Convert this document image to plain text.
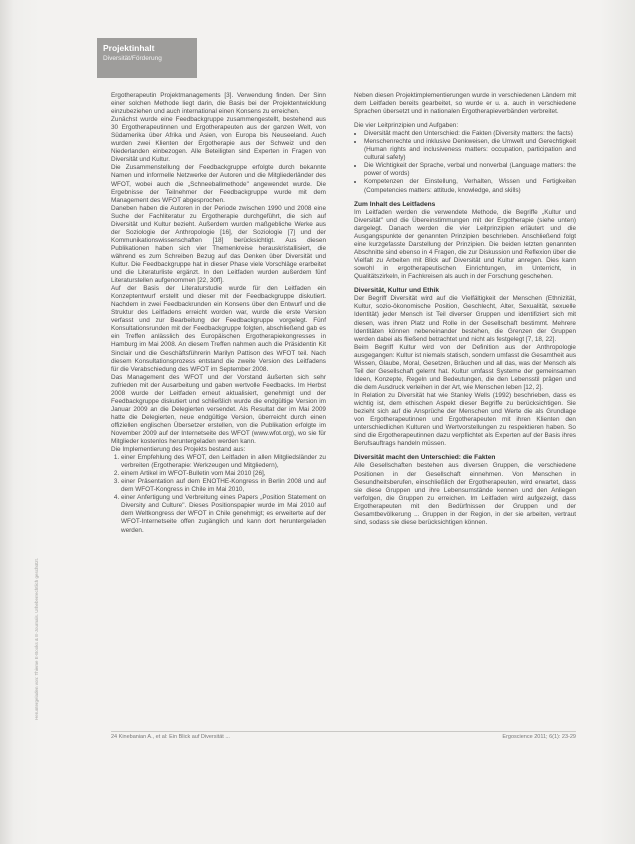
Heruntergeladen von: Thieme E-Books & E-Journals. Urheberrechtlich geschützt.
Projektinhalt
Diversität/Förderung

Ergotherapeutin Projektmanagements [3]. Verwendung finden. Der Sinn einer solchen Methode liegt darin, die Basis bei der Projektentwicklung einzubeziehen und auch international einen Konsens zu erreichen.

Zunächst wurde eine Feedbackgruppe zusammengestellt, bestehend aus 30 Ergotherapeutinnen und Ergotherapeuten aus der ganzen Welt, von Südamerika über Afrika und Asien, von Europa bis Neuseeland. Auch wurden zwei Klienten der Ergotherapie aus der Schweiz und den Niederlanden einbezogen. Alle Beteiligten sind Experten in Fragen von Diversität und Kultur.

Die Zusammenstellung der Feedbackgruppe erfolgte durch bekannte Namen und informelle Netzwerke der Autoren und die Mitgliederländer des WFOT, wobei auch die „Schneeballmethode" angewendet wurde. Die Ergebnisse der Teilnehmer der Feedbackgruppe wurde mit dem Management des WFOT abgesprochen.

Daneben haben die Autoren in der Periode zwischen 1990 und 2008 eine Suche der Fachliteratur zu Ergotherapie durchgeführt, die sich auf Diversität und Kultur bezieht. Außerdem wurden maßgebliche Werke aus der Soziologie der Anthropologie [16], der Soziologie [7] und der Kommunikationswissenschaften [18] berücksichtigt. Aus diesen Publikationen haben sich vier Themenkreise herauskristallisiert, die während es zum Schreiben Bezug auf das Denken über Diversität und Kultur. Die Feedbackgruppe hat in dieser Phase viele Vorschläge erarbeitet und die Literaturliste ergänzt. In den Leitfaden wurden außerdem fünf Literaturstellen aufgenommen [22, 30ff].

Auf der Basis der Literaturstudie wurde für den Leitfaden ein Konzeptentwurf erstellt und dieser mit der Feedbackgruppe diskutiert. Nachdem in zwei Feedbackrunden ein Konsens über den Entwurf und die Struktur des Leitfadens erreicht worden war, wurde die erste Version verfasst und zur Bearbeitung der Feedbackgruppe vorgelegt. Fünf Konsultationsrunden mit der Feedbackgruppe folgten, abschließend gab es ein Treffen anlässlich des Europäischen Ergotherapiekongresses in Hamburg im Mai 2008. An diesem Treffen nahmen auch die Präsidentin Kit Sinclair und die Geschäftsführerin Marilyn Pattison des WFOT teil. Nach diesem Konsultationsprozess entstand die zweite Version des Leitfadens für die Verabschiedung des WFOT im September 2008.

Das Management des WFOT und der Vorstand äußerten sich sehr zufrieden mit der Ausarbeitung und gaben wertvolle Feedbacks. Im Herbst 2008 wurde der Leitfaden erneut aktualisiert, genehmigt und der Feedbackgruppe diskutiert und schließlich wurde die endgültige Version im Januar 2009 an die Delegierten versendet. Als Resultat der im Mai 2009 hatte die Delegierten, neue endgültige Version, überreicht durch einen offiziellen englischen Übersetzer erstellen, von die Publikation erfolgte im November 2009 auf der Internetseite des WFOT (www.wfot.org), wo sie für Mitglieder kostenlos heruntergeladen werden kann.

Die Implementierung des Projekts bestand aus:

1. einer Empfehlung des WFOT, den Leitfaden in allen Mitgliedsländer zu verbreiten (Ergotherapie: Werkzeugen und Mitgliedern),
2. einem Artikel im WFOT-Bulletin vom Mai 2010 [26],
3. einer Präsentation auf dem ENOTHE-Kongress in Berlin 2008 und auf dem WFOT-Kongress in Chile im Mai 2010,
4. einer Anfertigung und Verbreitung eines Papers „Position Statement on Diversity and Culture". Dieses Positionspapier wurde im Mai 2010 auf dem Weltkongress der WFOT in Chile genehmigt; es erweiterte auf der WFOT-Internetseite offen zugänglich und kann dort heruntergeladen werden.

Neben diesen Projektimplementierungen wurde in verschiedenen Ländern mit dem Leitfaden bereits gearbeitet, so wurde er u. a. auch in verschiedene Sprachen übersetzt und in nationalen Ergotherapieverbänden verbreitet.

Die vier Leitprinzipien und Aufgaben:

• Diversität macht den Unterschied: die Fakten (Diversity matters: the facts)
• Menschenrechte und inklusive Denkweisen, die Umwelt und Gerechtigkeit (Human rights and inclusiveness matters: occupation, participation and cultural safety)
• Die Wichtigkeit der Sprache, verbal und nonverbal (Language matters: the power of words)
• Kompetenzen der Einstellung, Verhalten, Wissen und Fertigkeiten (Competencies matters: attitude, knowledge, and skills)
Zum Inhalt des Leitfadens

Im Leitfaden werden die verwendete Methode, die Begriffe „Kultur und Diversität" und die Übereinstimmungen mit der Ergotherapie (siehe unten) dargelegt. Danach werden die vier Leitprinzipien erläutert und die Ausgangspunkte der genannten Prinzipien beschrieben. Anschließend folgt eine kurzgefasste Darstellung der Prinzipien. Die beiden letzten genannten Abschnitte sind ebenso in 4 Fragen, die zur Diskussion und Reflexion über die Vielfalt zu Arbeiten mit Blick auf Diversität und Kultur anregen. Dies kann sowohl in ergotherapeutischen Einrichtungen, im Unterricht, in Qualitätszirkeln, in Fachkreisen als auch in der Forschung geschehen.

Diversität, Kultur und Ethik

Der Begriff Diversität wird auf die Vielfältigkeit der Menschen (Ethnizität, Kultur, sozio-ökonomische Position, Geschlecht, Alter, Sexualität, sexuelle Identität) jeder Mensch ist Teil diverser Gruppen und identifiziert sich mit diesen, was ihren Platz und Rolle in der Gesellschaft bestimmt. Mehrere Identitäten können nebeneinander bestehen, die Grenzen der Gruppen werden dabei als fließend betrachtet und nicht als festgelegt [7, 18, 22].

Beim Begriff Kultur wird von der Definition aus der Anthropologie ausgegangen: Kultur ist niemals statisch, sondern umfasst die Gesamtheit aus Wissen, Glaube, Moral, Gesetzen, Bräuchen und all das, was der Mensch als Teil der Gesellschaft gelernt hat. Kultur umfasst Systeme der gemeinsamen Ideen, Konzepte, Regeln und Bedeutungen, die den Lebensstil prägen und die dem Ausdruck verleihen in der Art, wie Menschen leben [12, 2].

In Relation zu Diversität hat wie Stanley Wells (1992) beschrieben, dass es wichtig ist, dem ethischen Aspekt dieser Begriffe zu berücksichtigen. Sie bezieht sich auf die Ansprüche der Menschen und Werte die als Grundlage von Ergotherapeutinnen und Ergotherapeuten mit ihren Klienten den unterschiedlichen Kulturen und Wertvorstellungen zu respektieren haben. So sind die Ergotherapeutinnen dazu verpflichtet als Experten auf der Basis ihres Berufsauftrags handeln müssen.

Diversität macht den Unterschied: die Fakten

Alle Gesellschaften bestehen aus diversen Gruppen, die verschiedene Positionen in der Gesellschaft einnehmen. Von Menschen in Gesundheitsberufen, einschließlich der Ergotherapeuten, wird erwartet, dass sie diese Gruppen und ihre Lebensumstände kennen und den Anliegen verfolgen, die Gruppen zu erreichen. Im Leitfaden wird aufgezeigt, dass Ergotherapeuten mit den Bedürfnissen der Gruppen und der Gesamtbevölkerung ... Gruppen in der Region, in der sie arbeiten, vertraut sind, sodass sie diese berücksichtigen können.

24 Kinebanian A., et al: Ein Blick auf Diversität ...	Ergoscience 2011; 6(1): 23-29
